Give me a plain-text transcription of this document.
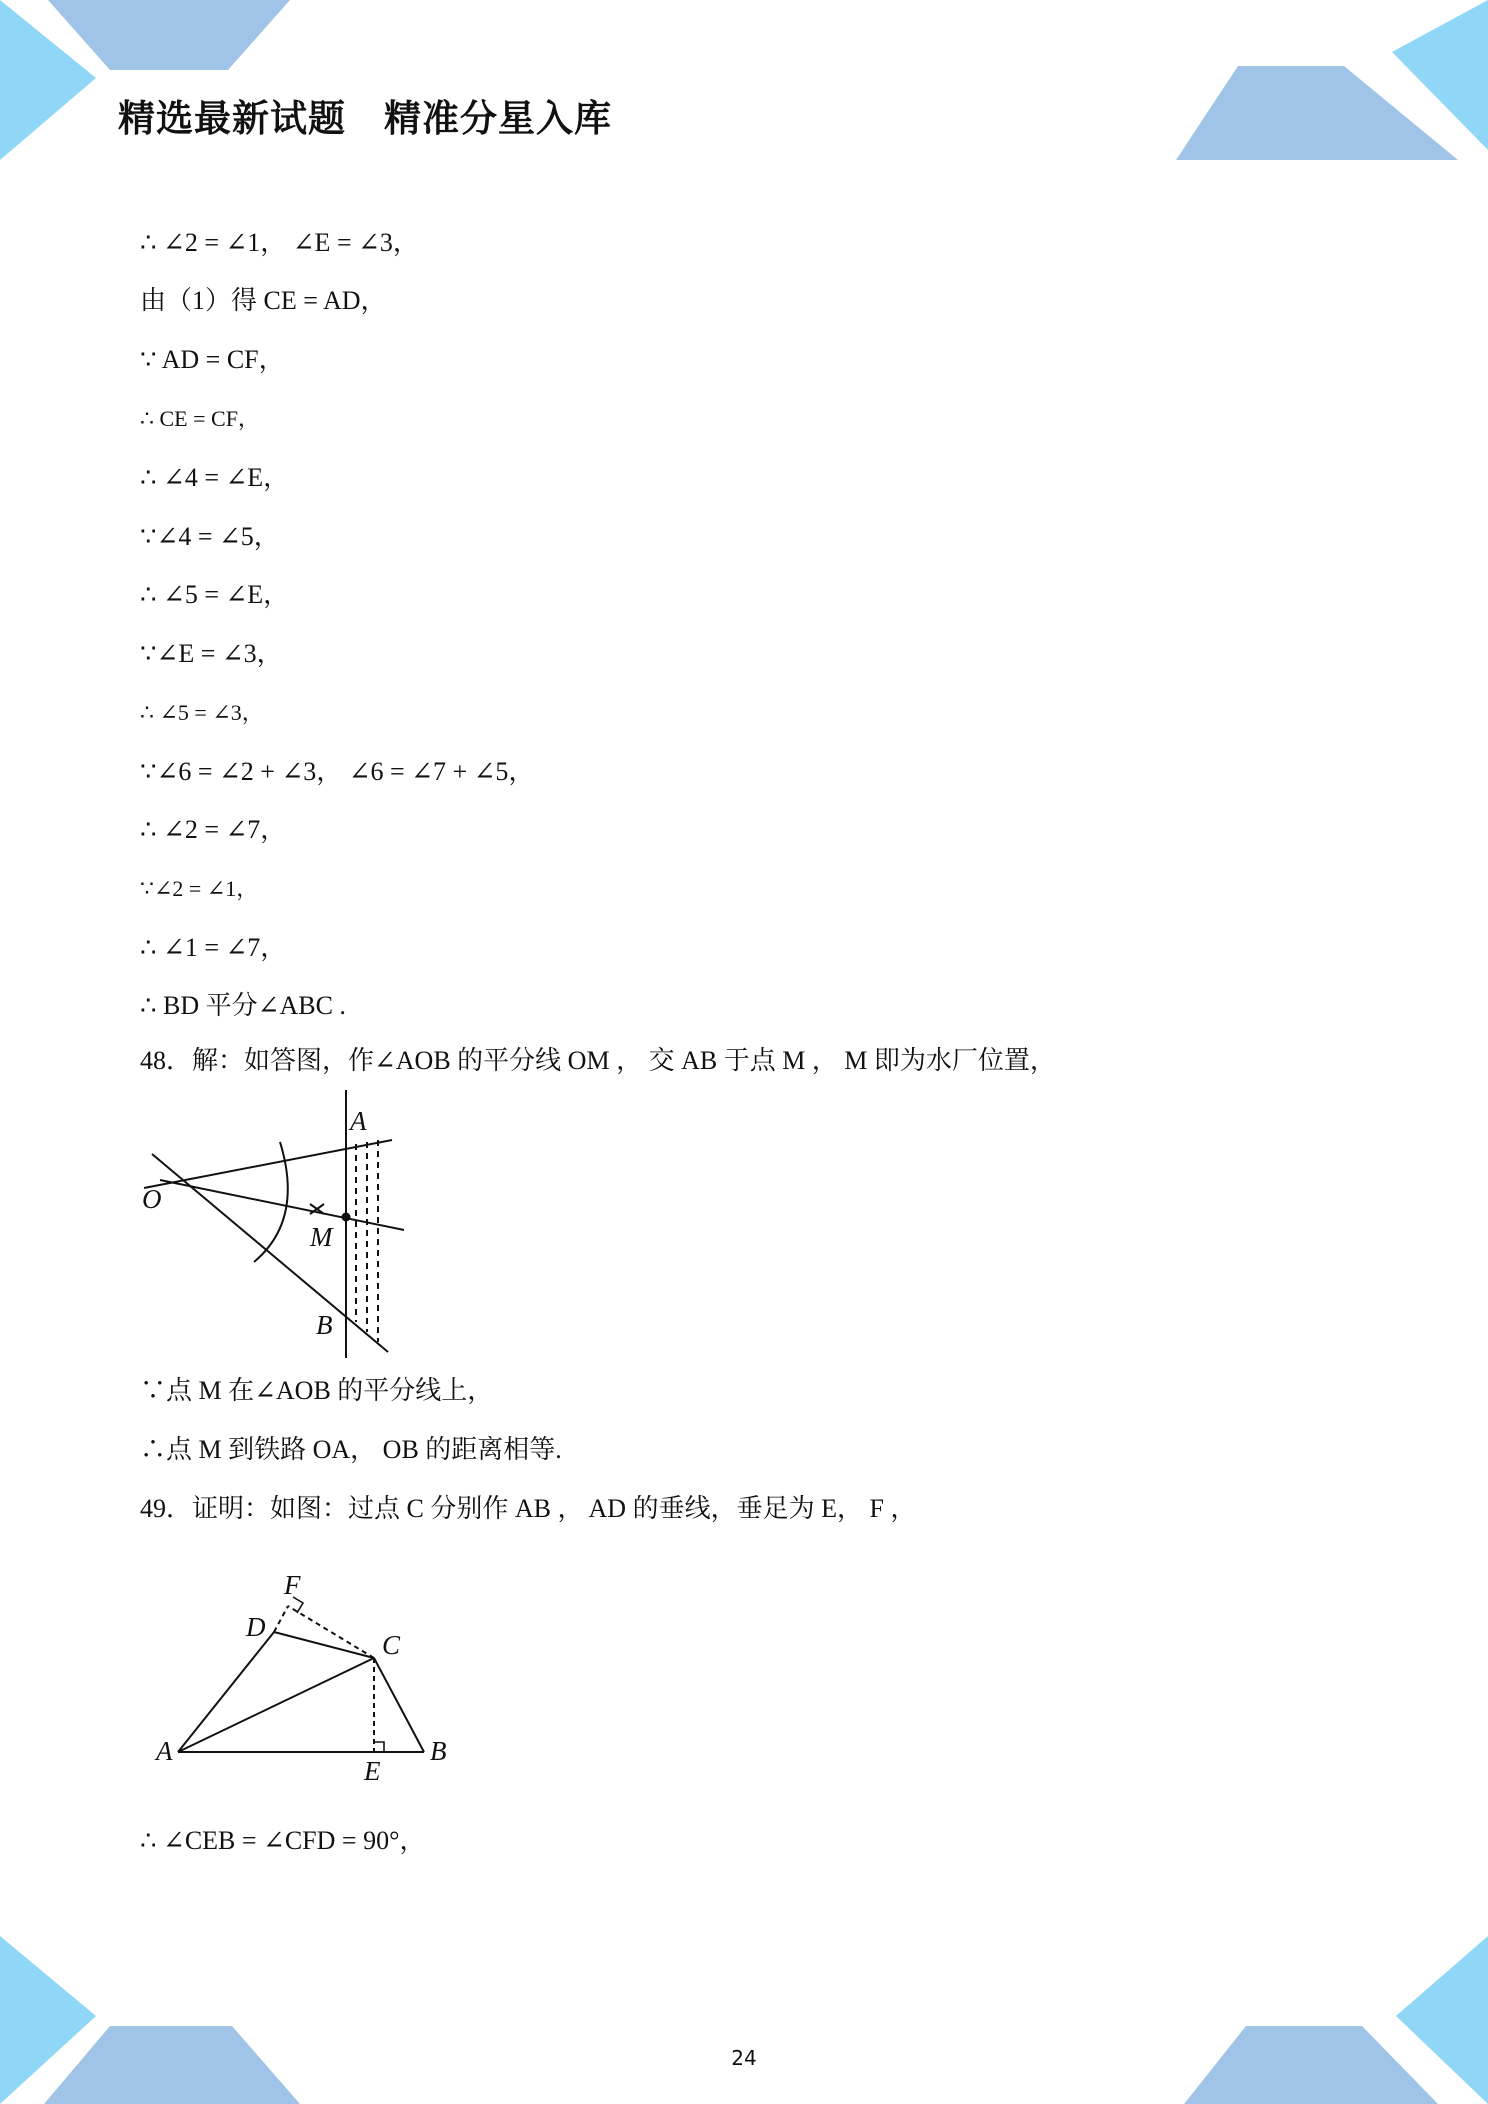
精选最新试题　精准分星入库

∴ ∠2 = ∠1， ∠E = ∠3，

由（1）得 CE = AD，

∵ AD = CF，

∴ CE = CF，

∴ ∠4 = ∠E，

∵∠4 = ∠5，

∴ ∠5 = ∠E，

∵∠E = ∠3，

∴ ∠5 = ∠3，

∵∠6 = ∠2 + ∠3， ∠6 = ∠7 + ∠5，

∴ ∠2 = ∠7，

∵∠2 = ∠1，

∴ ∠1 = ∠7，

∴ BD 平分∠ABC .

48．解：如答图，作∠AOB 的平分线 OM ， 交 AB 于点 M ， M 即为水厂位置，

A
O
M
B

∵点 M 在∠AOB 的平分线上，

∴点 M 到铁路 OA， OB 的距离相等.

49．证明：如图：过点 C 分别作 AB ， AD 的垂线，垂足为 E， F ，

F
D
C
A
E
B

∴ ∠CEB = ∠CFD = 90°，

24
